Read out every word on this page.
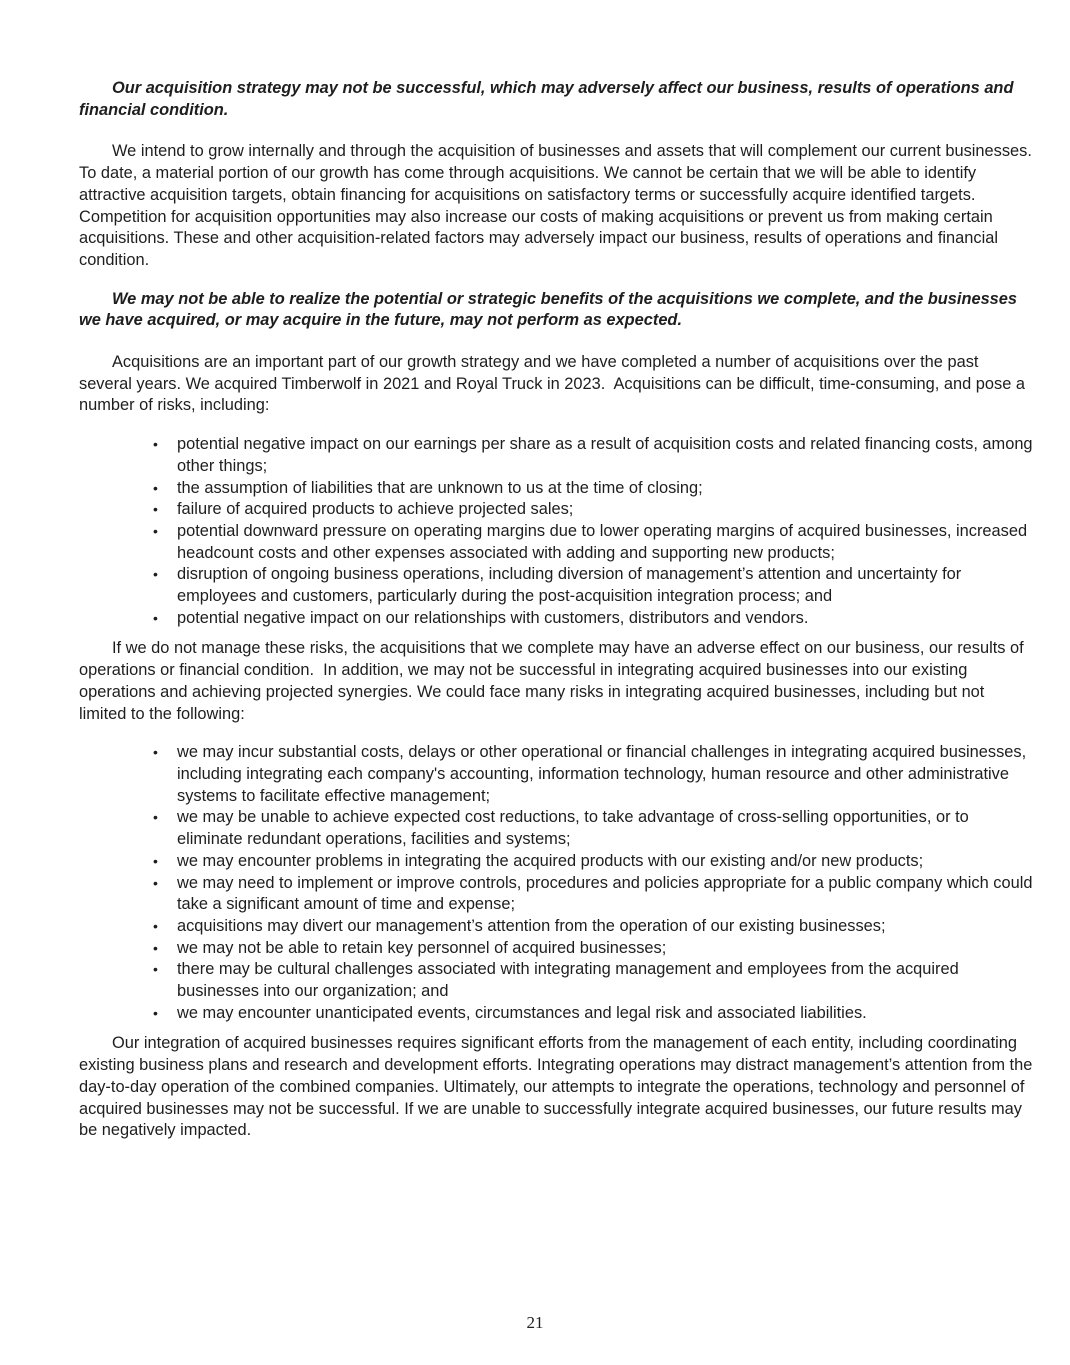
Our acquisition strategy may not be successful, which may adversely affect our business, results of operations and financial condition.

We intend to grow internally and through the acquisition of businesses and assets that will complement our current businesses. To date, a material portion of our growth has come through acquisitions. We cannot be certain that we will be able to identify attractive acquisition targets, obtain financing for acquisitions on satisfactory terms or successfully acquire identified targets. Competition for acquisition opportunities may also increase our costs of making acquisitions or prevent us from making certain acquisitions. These and other acquisition-related factors may adversely impact our business, results of operations and financial condition.

We may not be able to realize the potential or strategic benefits of the acquisitions we complete, and the businesses we have acquired, or may acquire in the future, may not perform as expected.

Acquisitions are an important part of our growth strategy and we have completed a number of acquisitions over the past several years. We acquired Timberwolf in 2021 and Royal Truck in 2023.  Acquisitions can be difficult, time-consuming, and pose a number of risks, including:

• potential negative impact on our earnings per share as a result of acquisition costs and related financing costs, among other things;
• the assumption of liabilities that are unknown to us at the time of closing;
• failure of acquired products to achieve projected sales;
• potential downward pressure on operating margins due to lower operating margins of acquired businesses, increased headcount costs and other expenses associated with adding and supporting new products;
• disruption of ongoing business operations, including diversion of management’s attention and uncertainty for employees and customers, particularly during the post-acquisition integration process; and
• potential negative impact on our relationships with customers, distributors and vendors.

If we do not manage these risks, the acquisitions that we complete may have an adverse effect on our business, our results of operations or financial condition.  In addition, we may not be successful in integrating acquired businesses into our existing operations and achieving projected synergies. We could face many risks in integrating acquired businesses, including but not limited to the following:

• we may incur substantial costs, delays or other operational or financial challenges in integrating acquired businesses, including integrating each company's accounting, information technology, human resource and other administrative systems to facilitate effective management;
• we may be unable to achieve expected cost reductions, to take advantage of cross-selling opportunities, or to eliminate redundant operations, facilities and systems;
• we may encounter problems in integrating the acquired products with our existing and/or new products;
• we may need to implement or improve controls, procedures and policies appropriate for a public company which could take a significant amount of time and expense;
• acquisitions may divert our management’s attention from the operation of our existing businesses;
• we may not be able to retain key personnel of acquired businesses;
• there may be cultural challenges associated with integrating management and employees from the acquired businesses into our organization; and
• we may encounter unanticipated events, circumstances and legal risk and associated liabilities.

Our integration of acquired businesses requires significant efforts from the management of each entity, including coordinating existing business plans and research and development efforts. Integrating operations may distract management’s attention from the day-to-day operation of the combined companies. Ultimately, our attempts to integrate the operations, technology and personnel of acquired businesses may not be successful. If we are unable to successfully integrate acquired businesses, our future results may be negatively impacted.

21
